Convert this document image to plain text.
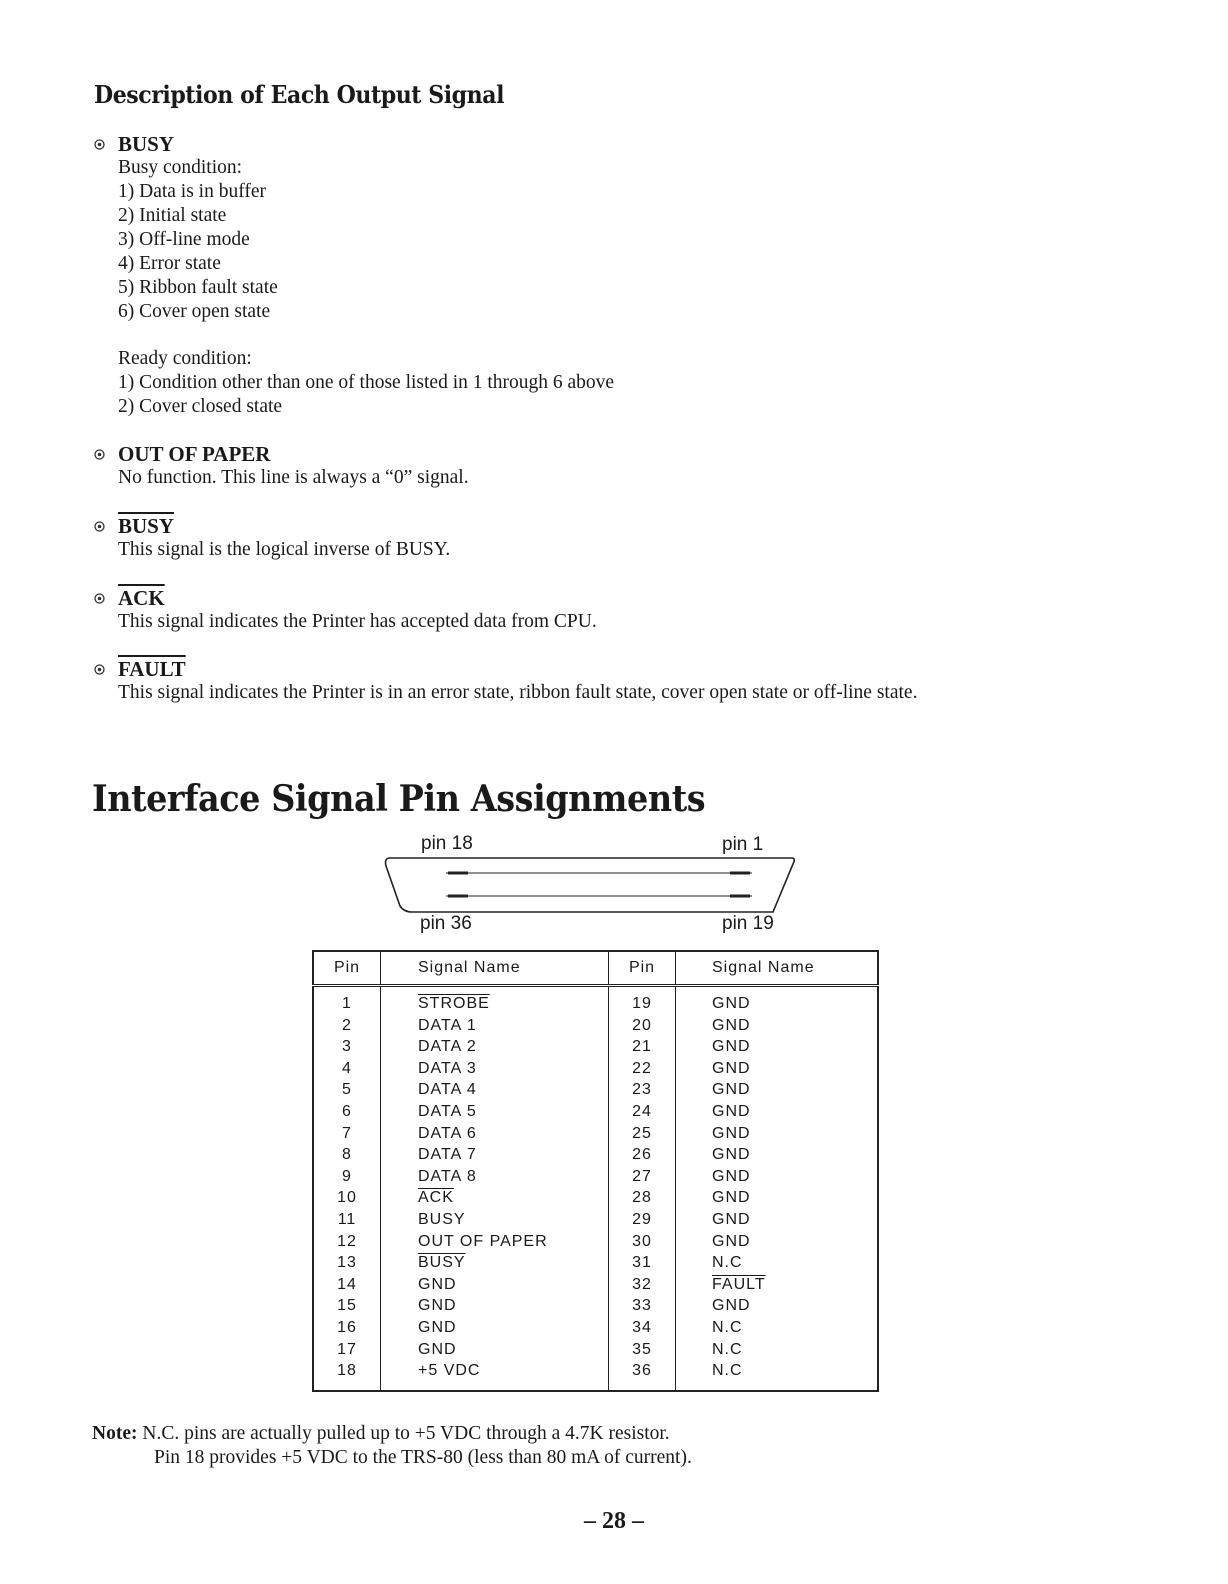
Description of Each Output Signal
BUSY
Busy condition:
1) Data is in buffer
2) Initial state
3) Off-line mode
4) Error state
5) Ribbon fault state
6) Cover open state
Ready condition:
1) Condition other than one of those listed in 1 through 6 above
2) Cover closed state
OUT OF PAPER
No function. This line is always a “0” signal.
BUSY
This signal is the logical inverse of BUSY.
$\overline{ACK}$
This signal indicates the Printer has accepted data from CPU.
FAULT
This signal indicates the Printer is in an error state, ribbon fault state, cover open state or off-line state.
Interface Signal Pin Assignments
pin 18	pin 1
pin 36	pin 19
Pin	Signal Name	Pin	Signal Name
1	STROBE	19	GND
2	DATA 1	20	GND
3	DATA 2	21	GND
4	DATA 3	22	GND
5	DATA 4	23	GND
6	DATA 5	24	GND
7	DATA 6	25	GND
8	DATA 7	26	GND
9	DATA 8	27	GND
10	$\overline{ACK}$	28	GND
11	BUSY	29	GND
12	OUT OF PAPER	30	GND
13	BUSY	31	N.C
14	GND	32	FAULT
15	GND	33	GND
16	GND	34	N.C
17	GND	35	N.C
18	+5 VDC	36	N.C
Note: N.C. pins are actually pulled up to +5 VDC through a 4.7K resistor.
Pin 18 provides +5 VDC to the TRS-80 (less than 80 mA of current).
– 28 –
